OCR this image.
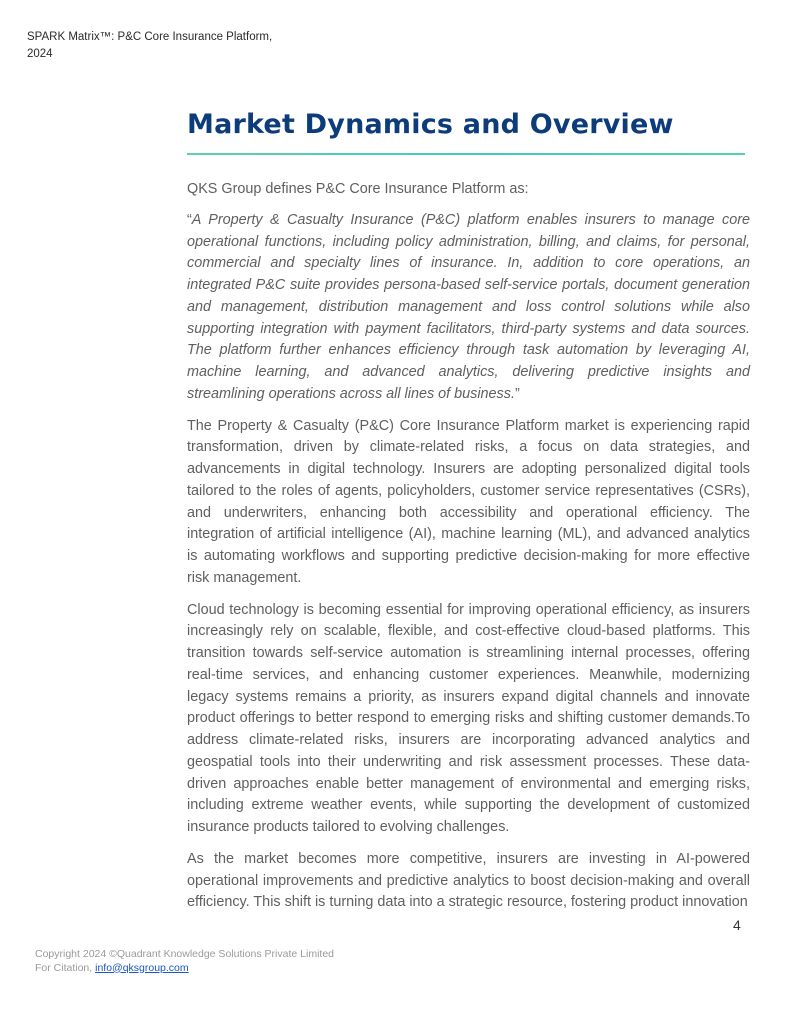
SPARK Matrix™: P&C Core Insurance Platform, 2024
Market Dynamics and Overview

QKS Group defines P&C Core Insurance Platform as:

“A Property & Casualty Insurance (P&C) platform enables insurers to manage core operational functions, including policy administration, billing, and claims, for personal, commercial and specialty lines of insurance. In, addition to core operations, an integrated P&C suite provides persona-based self-service portals, document generation and management, distribution management and loss control solutions while also supporting integration with payment facilitators, third-party systems and data sources. The platform further enhances efficiency through task automation by leveraging AI, machine learning, and advanced analytics, delivering predictive insights and streamlining operations across all lines of business.”

The Property & Casualty (P&C) Core Insurance Platform market is experiencing rapid transformation, driven by climate-related risks, a focus on data strategies, and advancements in digital technology. Insurers are adopting personalized digital tools tailored to the roles of agents, policyholders, customer service representatives (CSRs), and underwriters, enhancing both accessibility and operational efficiency. The integration of artificial intelligence (AI), machine learning (ML), and advanced analytics is automating workflows and supporting predictive decision-making for more effective risk management.

Cloud technology is becoming essential for improving operational efficiency, as insurers increasingly rely on scalable, flexible, and cost-effective cloud-based platforms. This transition towards self-service automation is streamlining internal processes, offering real-time services, and enhancing customer experiences. Meanwhile, modernizing legacy systems remains a priority, as insurers expand digital channels and innovate product offerings to better respond to emerging risks and shifting customer demands.To address climate-related risks, insurers are incorporating advanced analytics and geospatial tools into their underwriting and risk assessment processes. These data-driven approaches enable better management of environmental and emerging risks, including extreme weather events, while supporting the development of customized insurance products tailored to evolving challenges.

As the market becomes more competitive, insurers are investing in AI-powered operational improvements and predictive analytics to boost decision-making and overall efficiency. This shift is turning data into a strategic resource, fostering product innovation

4
Copyright 2024 ©Quadrant Knowledge Solutions Private Limited
For Citation, info@qksgroup.com
